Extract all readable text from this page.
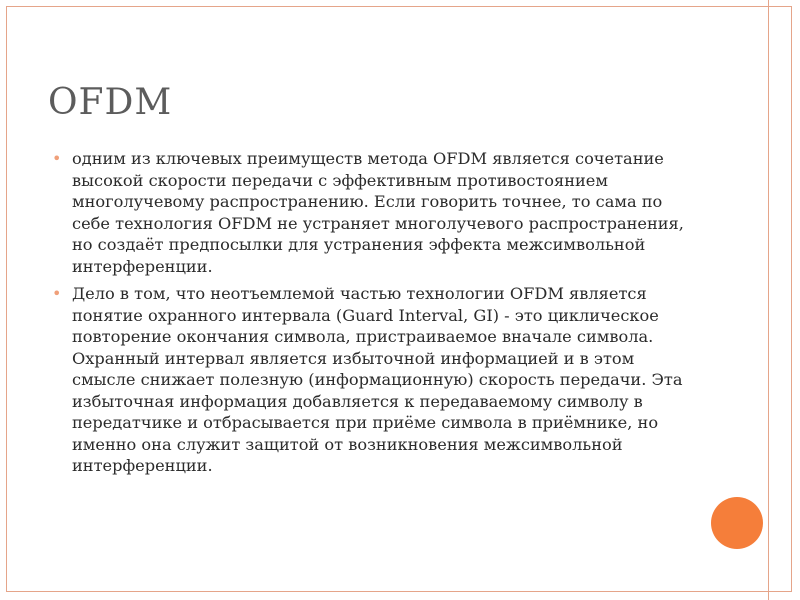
OFDM
• одним из ключевых преимуществ метода OFDM является сочетание высокой скорости передачи с эффективным противостоянием многолучевому распространению. Если говорить точнее, то сама по себе технология OFDM не устраняет многолучевого распространения, но создаёт предпосылки для устранения эффекта межсимвольной интерференции.
• Дело в том, что неотъемлемой частью технологии OFDM является понятие охранного интервала (Guard Interval, GI) - это циклическое повторение окончания символа, пристраиваемое вначале символа. Охранный интервал является избыточной информацией и в этом смысле снижает полезную (информационную) скорость передачи. Эта избыточная информация добавляется к передаваемому символу в передатчике и отбрасывается при приёме символа в приёмнике, но именно она служит защитой от возникновения межсимвольной интерференции.
